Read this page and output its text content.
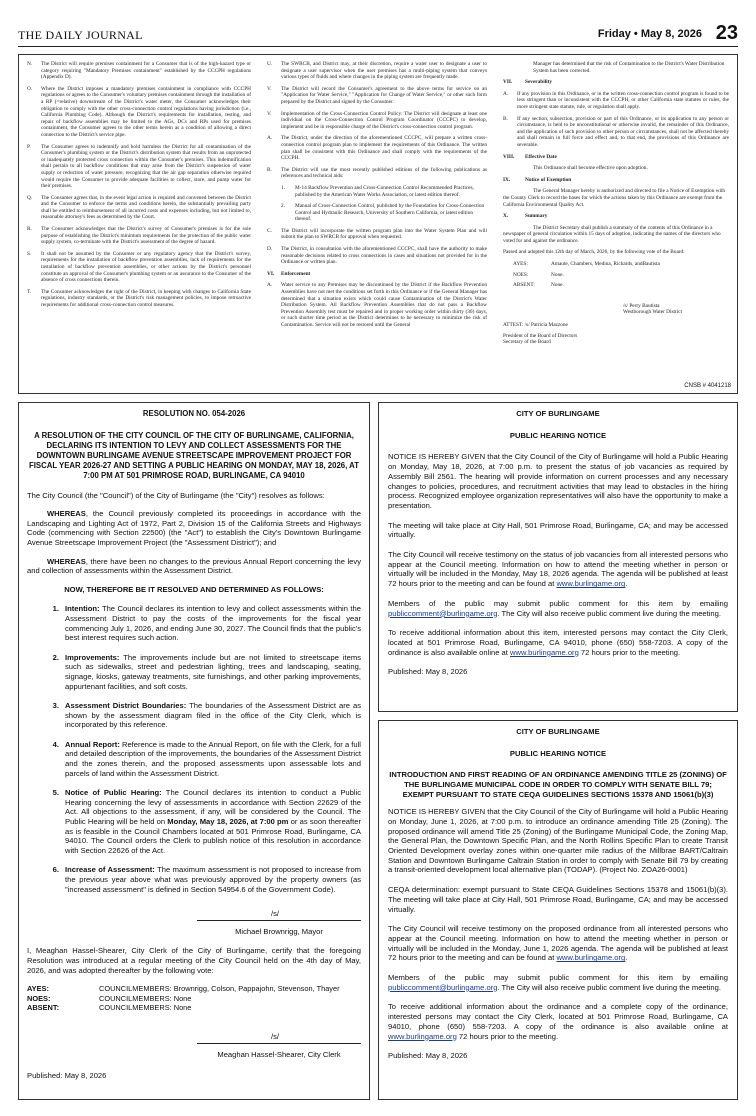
THE DAILY JOURNAL	Friday • May 8, 2026 23
N.	The District will require premises containment for a Consumer that is of the high-hazard type or category requiring "Mandatory Premises containment" established by the CCCPH regulations (Appendix D).
O.	Where the District imposes a mandatory premises containment in compliance with CCCPH regulations or agrees to the Consumer's voluntary premises containment through the installation of a RP (=relative) downstream of the District's water meter, the Consumer acknowledges their obligation to comply with the other cross-connection control regulations having jurisdiction (i.e., California Plumbing Code). Although the District's requirements for installation, testing, and repair of backflow assemblies may be limited to the AGs, DCs and RPs used for premises containment, the Consumer agrees to the other terms herein as a condition of allowing a direct connection to the District's service pipe.
P.	The Consumer agrees to indemnify and hold harmless the District for all contamination of the Consumer's plumbing system or the District's distribution system that results from an unprotected or inadequately protected cross connection within the Consumer's premises. This indemnification shall pertain to all backflow conditions that may arise from the District's suspension of water supply or reduction of water pressure, recognizing that the air gap separation otherwise required would require the Consumer to provide adequate facilities to collect, store, and pump water for their premises.
Q.	The Consumer agrees that, in the event legal action is required and convened between the District and the Consumer to enforce the terms and conditions herein, the substantially prevailing party shall be entitled to reimbursement of all incurred costs and expenses including, but not limited to, reasonable attorney's fees as determined by the Court.
R.	The Consumer acknowledges that the District's survey of Consumer's premises is for the sole purpose of establishing the District's minimum requirements for the protection of the public water supply system, co-terminate with the District's assessment of the degree of hazard.
S.	It shall not be assumed by the Consumer or any regulatory agency that the District's survey, requirements for the installation of backflow prevention assemblies, lack of requirements for the installation of backflow prevention assemblies, or other actions by the District's personnel constitute an approval of the Consumer's plumbing system or an assurance to the Consumer of the absence of cross connections therein.
T.	The Consumer acknowledges the right of the District, in keeping with changes to California State regulations, industry standards, or the District's risk management policies, to impose retroactive requirements for additional cross-connection control measures.
U.	The SWRCB, and District may, at their discretion, require a water user to designate a user to designate a user supervisor when the user premises has a multi-piping system that conveys various types of fluids and where changes in the piping system are frequently made.
V.	The District will record the Consumer's agreement to the above terms for service on an "Application for Water Service," "Application for Change of Water Service," or other such form prepared by the District and signed by the Consumer.
V.	Implementation of the Cross-Connection Control Policy: The District will designate at least one individual on the Cross-Connection Control Program Coordinator (CCCPC) to develop, implement and be in responsible charge of the District's cross-connection control program.
A.	The District, under the direction of the aforementioned CCCPC, will prepare a written cross-connection control program plan to implement the requirements of this Ordinance. The written plan shall be consistent with this Ordinance and shall comply with the requirements of the CCCPH.
B.	The District will use the most recently published editions of the following publications as references and technical aids:
1.	M-14 Backflow Prevention and Cross-Connection Control Recommended Practices, published by the American Water Works Association, or latest edition thereof.
2.	Manual of Cross-Connection Control, published by the Foundation for Cross-Connection Control and Hydraulic Research, University of Southern California, or latest edition thereof.
C.	The District will incorporate the written program plan into the Water System Plan and will submit the plan to SWRCB for approval when requested.
D.	The District, in consultation with the aforementioned CCCPC, shall have the authority to make reasonable decisions related to cross connections in cases and situations not provided for in the Ordinance or written plan.
VI.	Enforcement
A.	Water service to any Premises may be discontinued by the District if the Backflow Prevention Assemblies have not met the conditions set forth in this Ordinance or if the General Manager has determined that a situation exists which could cause Contamination of the District's Water Distribution System. All Backflow Prevention Assemblies that do not pass a Backflow Prevention Assembly test must be repaired and in proper working order within thirty (30) days, or such shorter time period as the District determines to be necessary to minimize the risk of Contamination. Service will not be restored until the General

Manager has determined that the risk of Contamination to the District's Water Distribution System has been corrected.

VII.	Severability
A.	If any provision in this Ordinance, or in the written cross-connection control program is found to be less stringent than or inconsistent with the CCCPH, or other California state statutes or rules, the more stringent state statute, rule, or regulation shall apply.
B.	If any section, subsection, provision or part of this Ordinance, or its application to any person or circumstance, is held to be unconstitutional or otherwise invalid, the remainder of this Ordinance, and the application of such provision to other person or circumstances, shall not be affected thereby and shall remain in full force and effect and, to that end, the provisions of this Ordinance are severable.
VIII.	Effective Date

This Ordinance shall become effective upon adoption.

IX.	Notice of Exemption

The General Manager hereby is authorized and directed to file a Notice of Exemption with the County Clerk to record the bases for which the actions taken by this Ordinance are exempt from the California Environmental Quality Act.

X.	Summary

The District Secretary shall publish a summary of the contents of this Ordinance in a newspaper of general circulation within 15 days of adoption, indicating the names of the directors who voted for and against the ordinance.

Passed and adopted this 12th day of March, 2026, by the following vote of the Board:

AYES:	Amaute, Chambers, Medina, Richards, andBautista
NOES:	None.
ABSENT:	None.

/s/ Perry Bautista

Westborough Water District

ATTEST: /s/ Patricia Mazzone

President of the Board of Directors

Secretary of the Board

CNSB # 4041218
RESOLUTION NO. 054-2026
A RESOLUTION OF THE CITY COUNCIL OF THE CITY OF BURLINGAME, CALIFORNIA, DECLARING ITS INTENTION TO LEVY AND COLLECT ASSESSMENTS FOR THE DOWNTOWN BURLINGAME AVENUE STREETSCAPE IMPROVEMENT PROJECT FOR FISCAL YEAR 2026-27 AND SETTING A PUBLIC HEARING ON MONDAY, MAY 18, 2026, AT 7:00 PM AT 501 PRIMROSE ROAD, BURLINGAME, CA 94010

The City Council (the "Council") of the City of Burlingame (the "City") resolves as follows:

WHEREAS, the Council previously completed its proceedings in accordance with the Landscaping and Lighting Act of 1972, Part 2, Division 15 of the California Streets and Highways Code (commencing with Section 22500) (the "Act") to establish the City's Downtown Burlingame Avenue Streetscape Improvement Project (the "Assessment District"); and

WHEREAS, there have been no changes to the previous Annual Report concerning the levy and collection of assessments within the Assessment District.

NOW, THEREFORE BE IT RESOLVED AND DETERMINED AS FOLLOWS:
1. Intention: The Council declares its intention to levy and collect assessments within the Assessment District to pay the costs of the improvements for the fiscal year commencing July 1, 2026, and ending June 30, 2027. The Council finds that the public's best interest requires such action.
2. Improvements: The improvements include but are not limited to streetscape items such as sidewalks, street and pedestrian lighting, trees and landscaping, seating, signage, kiosks, gateway treatments, site furnishings, and other parking improvements, appurtenant facilities, and soft costs.
3. Assessment District Boundaries: The boundaries of the Assessment District are as shown by the assessment diagram filed in the office of the City Clerk, which is incorporated by this reference.
4. Annual Report: Reference is made to the Annual Report, on file with the Clerk, for a full and detailed description of the improvements, the boundaries of the Assessment District and the zones therein, and the proposed assessments upon assessable lots and parcels of land within the Assessment District.
5. Notice of Public Hearing: The Council declares its intention to conduct a Public Hearing concerning the levy of assessments in accordance with Section 22629 of the Act. All objections to the assessment, if any, will be considered by the Council. The Public Hearing will be held on Monday, May 18, 2026, at 7:00 pm or as soon thereafter as is feasible in the Council Chambers located at 501 Primrose Road, Burlingame, CA 94010. The Council orders the Clerk to publish notice of this resolution in accordance with Section 22626 of the Act.
6. Increase of Assessment: The maximum assessment is not proposed to increase from the previous year above what was previously approved by the property owners (as "increased assessment" is defined in Section 54954.6 of the Government Code).
/s/
Michael Brownrigg, Mayor

I, Meaghan Hassel-Shearer, City Clerk of the City of Burlingame, certify that the foregoing Resolution was introduced at a regular meeting of the City Council held on the 4th day of May, 2026, and was adopted thereafter by the following vote:

AYES:	COUNCILMEMBERS: Brownrigg, Colson, Pappajohn, Stevenson, Thayer
NOES:	COUNCILMEMBERS: None
ABSENT:	COUNCILMEMBERS: None
/s/
Meaghan Hassel-Shearer, City Clerk

Published: May 8, 2026

CITY OF BURLINGAME
PUBLIC HEARING NOTICE

NOTICE IS HEREBY GIVEN that the City Council of the City of Burlingame will hold a Public Hearing on Monday, May 18, 2026, at 7:00 p.m. to present the status of job vacancies as required by Assembly Bill 2561. The hearing will provide information on current processes and any necessary changes to policies, procedures, and recruitment activities that may lead to obstacles in the hiring process. Recognized employee organization representatives will also have the opportunity to make a presentation.

The meeting will take place at City Hall, 501 Primrose Road, Burlingame, CA; and may be accessed virtually.

The City Council will receive testimony on the status of job vacancies from all interested persons who appear at the Council meeting. Information on how to attend the meeting whether in person or virtually will be included in the Monday, May 18, 2026 agenda. The agenda will be published at least 72 hours prior to the meeting and can be found at www.burlingame.org.

Members of the public may submit public comment for this item by emailing publiccomment@burlingame.org. The City will also receive public comment live during the meeting.

To receive additional information about this item, interested persons may contact the City Clerk, located at 501 Primrose Road, Burlingame, CA 94010, phone (650) 558-7203. A copy of the ordinance is also available online at www.burlingame.org 72 hours prior to the meeting.

Published: May 8, 2026

CITY OF BURLINGAME
PUBLIC HEARING NOTICE
INTRODUCTION AND FIRST READING OF AN ORDINANCE AMENDING TITLE 25 (ZONING) OF THE BURLINGAME MUNICIPAL CODE IN ORDER TO COMPLY WITH SENATE BILL 79; EXEMPT PURSUANT TO STATE CEQA GUIDELINES SECTIONS 15378 AND 15061(b)(3)

NOTICE IS HEREBY GIVEN that the City Council of the City of Burlingame will hold a Public Hearing on Monday, June 1, 2026, at 7:00 p.m. to introduce an ordinance amending Title 25 (Zoning). The proposed ordinance will amend Title 25 (Zoning) of the Burlingame Municipal Code, the Zoning Map, the General Plan, the Downtown Specific Plan, and the North Rollins Specific Plan to create Transit Oriented Development overlay zones within one-quarter mile radius of the Millbrae BART/Caltrain Station and Downtown Burlingame Caltrain Station in order to comply with Senate Bill 79 by creating a transit-oriented development local alternative plan (TODAP). (Project No. ZOA26-0001)

CEQA determination: exempt pursuant to State CEQA Guidelines Sections 15378 and 15061(b)(3). The meeting will take place at City Hall, 501 Primrose Road, Burlingame, CA; and may be accessed virtually.

The City Council will receive testimony on the proposed ordinance from all interested persons who appear at the Council meeting. Information on how to attend the meeting whether in person or virtually will be included in the Monday, June 1, 2026 agenda. The agenda will be published at least 72 hours prior to the meeting and can be found at www.burlingame.org.

Members of the public may submit public comment for this item by emailing publiccomment@burlingame.org. The City will also receive public comment live during the meeting.

To receive additional information about the ordinance and a complete copy of the ordinance, interested persons may contact the City Clerk, located at 501 Primrose Road, Burlingame, CA 94010, phone (650) 558-7203. A copy of the ordinance is also available online at www.burlingame.org 72 hours prior to the meeting.

Published: May 8, 2026
